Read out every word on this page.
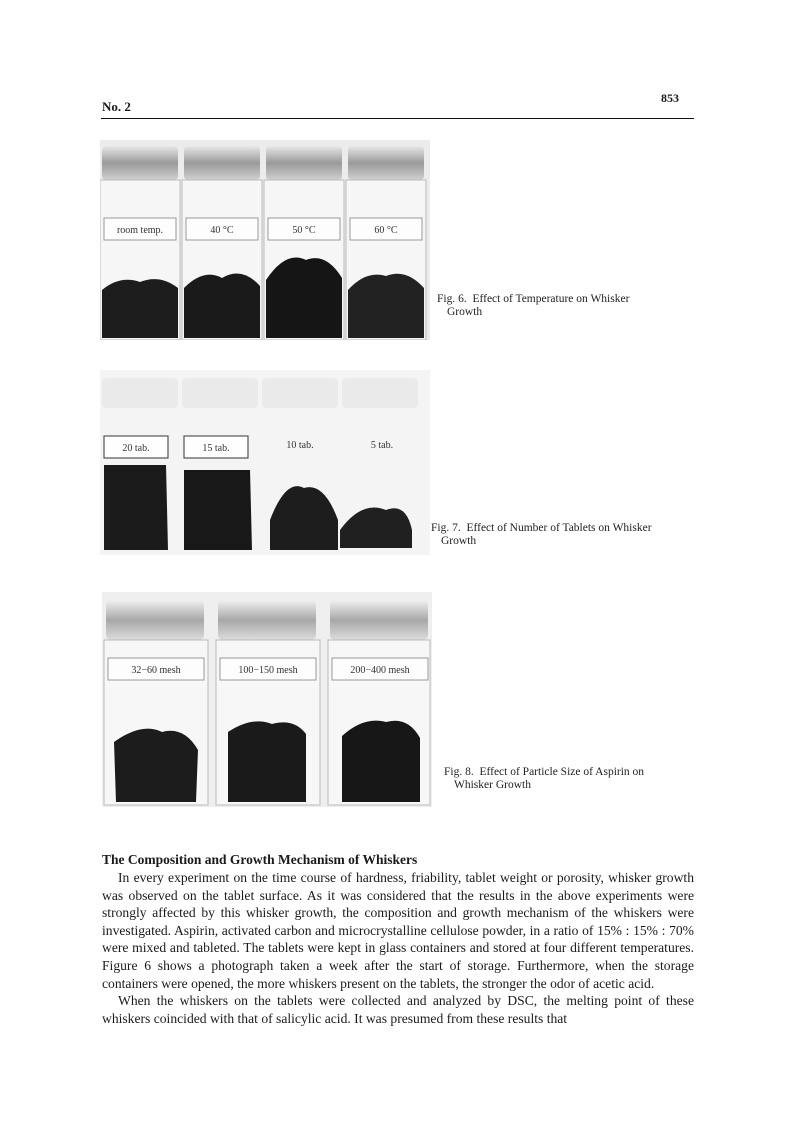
No. 2
853
room temp.	40 °C	50 °C	60 °C
Fig. 6. Effect of Temperature on Whisker
Growth
20 tab.	15 tab.	10 tab.	5 tab.
Fig. 7. Effect of Number of Tablets on Whisker
Growth
32−60 mesh	100−150 mesh	200−400 mesh
Fig. 8. Effect of Particle Size of Aspirin on
Whisker Growth
The Composition and Growth Mechanism of Whiskers

In every experiment on the time course of hardness, friability, tablet weight or porosity, whisker growth was observed on the tablet surface. As it was considered that the results in the above experiments were strongly affected by this whisker growth, the composition and growth mechanism of the whiskers were investigated. Aspirin, activated carbon and microcrystalline cellulose powder, in a ratio of 15% : 15% : 70% were mixed and tableted. The tablets were kept in glass containers and stored at four different temperatures. Figure 6 shows a photograph taken a week after the start of storage. Furthermore, when the storage containers were opened, the more whiskers present on the tablets, the stronger the odor of acetic acid.

When the whiskers on the tablets were collected and analyzed by DSC, the melting point of these whiskers coincided with that of salicylic acid. It was presumed from these results that
